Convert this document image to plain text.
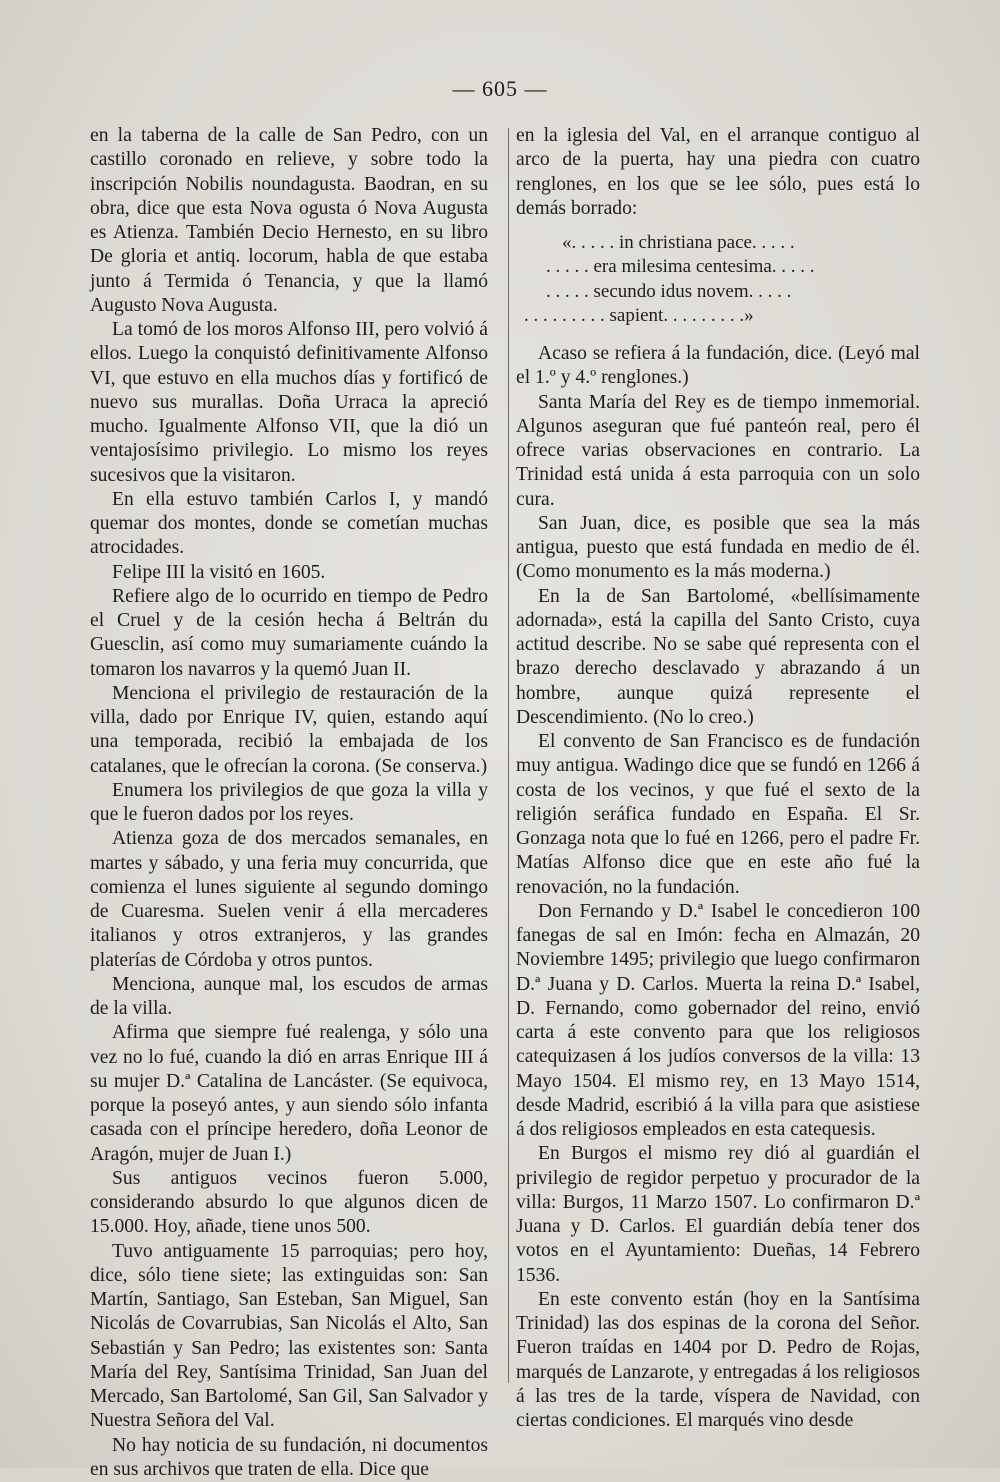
— 605 —

en la taberna de la calle de San Pedro, con un castillo coronado en relieve, y sobre todo la inscripción Nobilis noundagusta. Baodran, en su obra, dice que esta Nova ogusta ó Nova Augusta es Atienza. También Decio Hernesto, en su libro De gloria et antiq. locorum, habla de que estaba junto á Termida ó Tenancia, y que la llamó Augusto Nova Augusta.

La tomó de los moros Alfonso III, pero volvió á ellos. Luego la conquistó definitivamente Alfonso VI, que estuvo en ella muchos días y fortificó de nuevo sus murallas. Doña Urraca la apreció mucho. Igualmente Alfonso VII, que la dió un ventajosísimo privilegio. Lo mismo los reyes sucesivos que la visitaron.

En ella estuvo también Carlos I, y mandó quemar dos montes, donde se cometían muchas atrocidades.

Felipe III la visitó en 1605.

Refiere algo de lo ocurrido en tiempo de Pedro el Cruel y de la cesión hecha á Beltrán du Guesclin, así como muy sumariamente cuándo la tomaron los navarros y la quemó Juan II.

Menciona el privilegio de restauración de la villa, dado por Enrique IV, quien, estando aquí una temporada, recibió la embajada de los catalanes, que le ofrecían la corona. (Se conserva.)

Enumera los privilegios de que goza la villa y que le fueron dados por los reyes.

Atienza goza de dos mercados semanales, en martes y sábado, y una feria muy concurrida, que comienza el lunes siguiente al segundo domingo de Cuaresma. Suelen venir á ella mercaderes italianos y otros extranjeros, y las grandes platerías de Córdoba y otros puntos.

Menciona, aunque mal, los escudos de armas de la villa.

Afirma que siempre fué realenga, y sólo una vez no lo fué, cuando la dió en arras Enrique III á su mujer D.ª Catalina de Lancáster. (Se equivoca, porque la poseyó antes, y aun siendo sólo infanta casada con el príncipe heredero, doña Leonor de Aragón, mujer de Juan I.)

Sus antiguos vecinos fueron 5.000, considerando absurdo lo que algunos dicen de 15.000. Hoy, añade, tiene unos 500.

Tuvo antiguamente 15 parroquias; pero hoy, dice, sólo tiene siete; las extinguidas son: San Martín, Santiago, San Esteban, San Miguel, San Nicolás de Covarrubias, San Nicolás el Alto, San Sebastián y San Pedro; las existentes son: Santa María del Rey, Santísima Trinidad, San Juan del Mercado, San Bartolomé, San Gil, San Salvador y Nuestra Señora del Val.

No hay noticia de su fundación, ni documentos en sus archivos que traten de ella. Dice que

en la iglesia del Val, en el arranque contiguo al arco de la puerta, hay una piedra con cuatro renglones, en los que se lee sólo, pues está lo demás borrado:

«. . . . . in christiana pace. . . . .
. . . . . era milesima centesima. . . . .
. . . . . secundo idus novem. . . . .
. . . . . . . . . sapient. . . . . . . . .»

Acaso se refiera á la fundación, dice. (Leyó mal el 1.º y 4.º renglones.)

Santa María del Rey es de tiempo inmemorial. Algunos aseguran que fué panteón real, pero él ofrece varias observaciones en contrario. La Trinidad está unida á esta parroquia con un solo cura.

San Juan, dice, es posible que sea la más antigua, puesto que está fundada en medio de él. (Como monumento es la más moderna.)

En la de San Bartolomé, «bellísimamente adornada», está la capilla del Santo Cristo, cuya actitud describe. No se sabe qué representa con el brazo derecho desclavado y abrazando á un hombre, aunque quizá represente el Descendimiento. (No lo creo.)

El convento de San Francisco es de fundación muy antigua. Wadingo dice que se fundó en 1266 á costa de los vecinos, y que fué el sexto de la religión seráfica fundado en España. El Sr. Gonzaga nota que lo fué en 1266, pero el padre Fr. Matías Alfonso dice que en este año fué la renovación, no la fundación.

Don Fernando y D.ª Isabel le concedieron 100 fanegas de sal en Imón: fecha en Almazán, 20 Noviembre 1495; privilegio que luego confirmaron D.ª Juana y D. Carlos. Muerta la reina D.ª Isabel, D. Fernando, como gobernador del reino, envió carta á este convento para que los religiosos catequizasen á los judíos conversos de la villa: 13 Mayo 1504. El mismo rey, en 13 Mayo 1514, desde Madrid, escribió á la villa para que asistiese á dos religiosos empleados en esta catequesis.

En Burgos el mismo rey dió al guardián el privilegio de regidor perpetuo y procurador de la villa: Burgos, 11 Marzo 1507. Lo confirmaron D.ª Juana y D. Carlos. El guardián debía tener dos votos en el Ayuntamiento: Dueñas, 14 Febrero 1536.

En este convento están (hoy en la Santísima Trinidad) las dos espinas de la corona del Señor. Fueron traídas en 1404 por D. Pedro de Rojas, marqués de Lanzarote, y entregadas á los religiosos á las tres de la tarde, víspera de Navidad, con ciertas condiciones. El marqués vino desde
